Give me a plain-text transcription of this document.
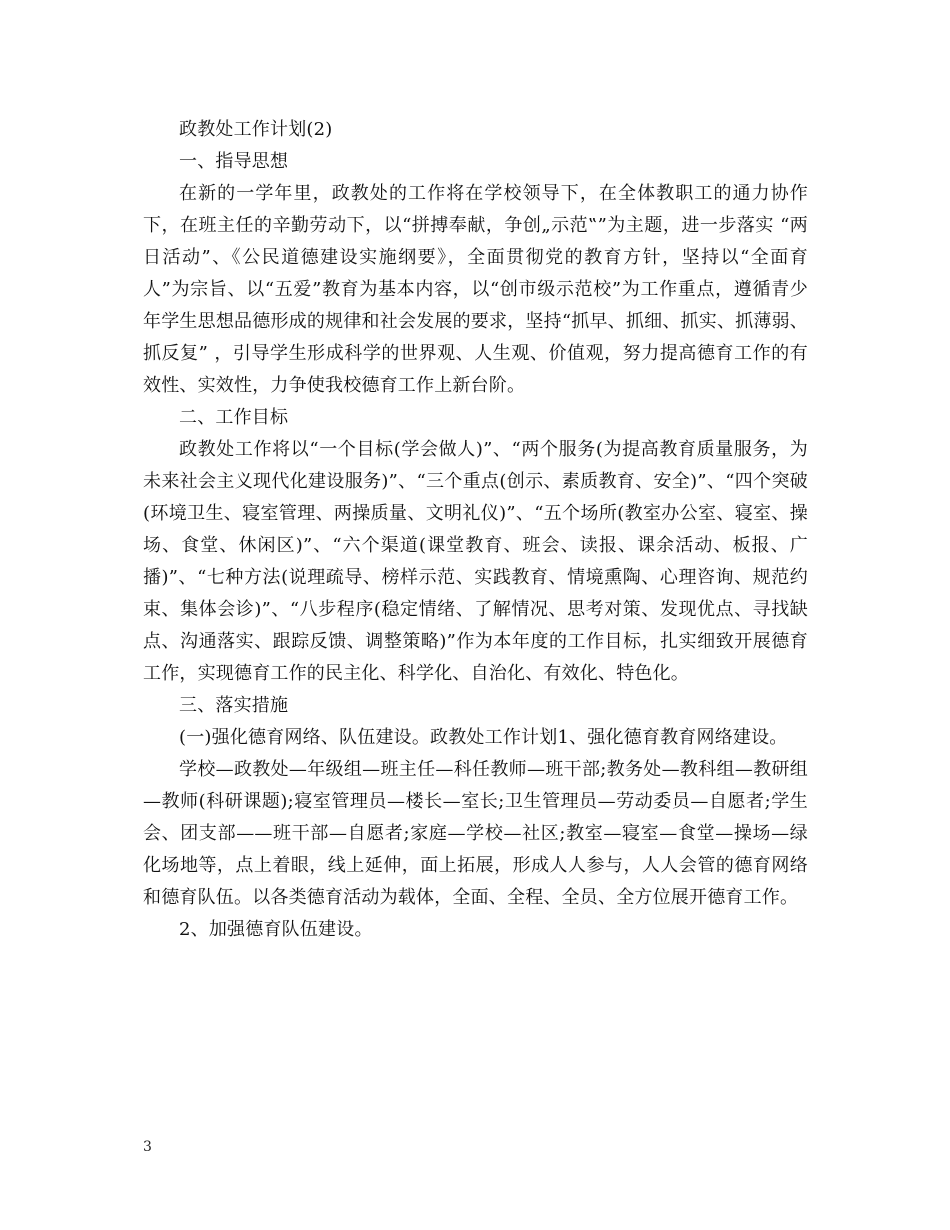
政教处工作计划(2)

一、指导思想

在新的一学年里，政教处的工作将在学校领导下，在全体教职工的通力协作下，在班主任的辛勤劳动下，以“拼搏奉献，争创„示范‟”为主题，进一步落实 “两日活动”、《公民道德建设实施纲要》，全面贯彻党的教育方针，坚持以“全面育人”为宗旨、以“五爱”教育为基本内容，以“创市级示范校”为工作重点，遵循青少年学生思想品德形成的规律和社会发展的要求，坚持“抓早、抓细、抓实、抓薄弱、抓反复” ，引导学生形成科学的世界观、人生观、价值观，努力提高德育工作的有效性、实效性，力争使我校德育工作上新台阶。

二、工作目标

政教处工作将以“一个目标(学会做人)”、“两个服务(为提高教育质量服务，为未来社会主义现代化建设服务)”、“三个重点(创示、素质教育、安全)”、“四个突破(环境卫生、寝室管理、两操质量、文明礼仪)”、“五个场所(教室办公室、寝室、操场、食堂、休闲区)”、“六个渠道(课堂教育、班会、读报、课余活动、板报、广播)”、“七种方法(说理疏导、榜样示范、实践教育、情境熏陶、心理咨询、规范约束、集体会诊)”、“八步程序(稳定情绪、了解情况、思考对策、发现优点、寻找缺点、沟通落实、跟踪反馈、调整策略)”作为本年度的工作目标，扎实细致开展德育工作，实现德育工作的民主化、科学化、自治化、有效化、特色化。

三、落实措施

(一)强化德育网络、队伍建设。政教处工作计划1、强化德育教育网络建设。

学校—政教处—年级组—班主任—科任教师—班干部;教务处—教科组—教研组—教师(科研课题);寝室管理员—楼长—室长;卫生管理员—劳动委员—自愿者;学生会、团支部——班干部—自愿者;家庭—学校—社区;教室—寝室—食堂—操场—绿化场地等，点上着眼，线上延伸，面上拓展，形成人人参与，人人会管的德育网络和德育队伍。以各类德育活动为载体，全面、全程、全员、全方位展开德育工作。

2、加强德育队伍建设。

3
